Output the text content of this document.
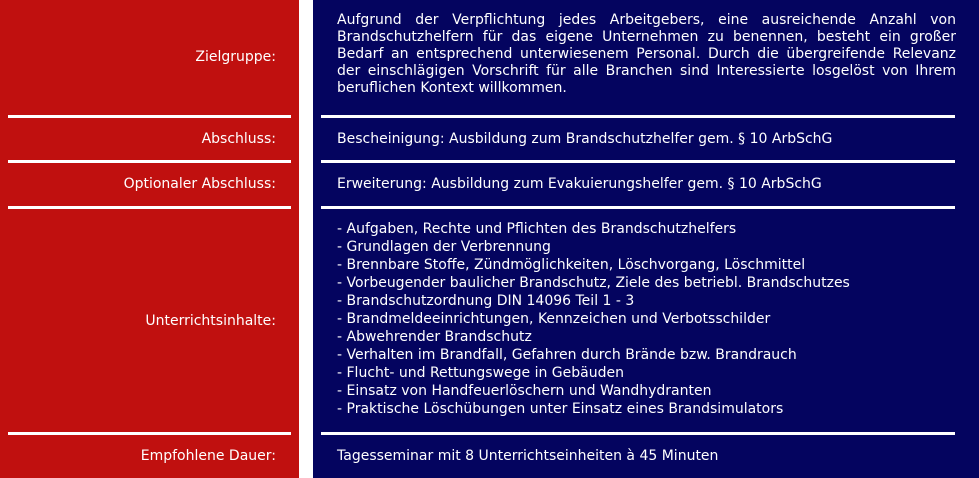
Zielgruppe:
Aufgrund der Verpflichtung jedes Arbeitgebers, eine ausreichende Anzahl von Brandschutzhelfern für das eigene Unternehmen zu benennen, besteht ein großer Bedarf an entsprechend unterwiesenem Personal. Durch die übergreifende Relevanz der einschlägigen Vorschrift für alle Branchen sind Interessierte losgelöst von Ihrem beruflichen Kontext willkommen.
Abschluss:	Bescheinigung: Ausbildung zum Brandschutzhelfer gem. § 10 ArbSchG
Optionaler Abschluss:	Erweiterung: Ausbildung zum Evakuierungshelfer gem. § 10 ArbSchG
Unterrichtsinhalte:
- Aufgaben, Rechte und Pflichten des Brandschutzhelfers
- Grundlagen der Verbrennung
- Brennbare Stoffe, Zündmöglichkeiten, Löschvorgang, Löschmittel
- Vorbeugender baulicher Brandschutz, Ziele des betriebl. Brandschutzes
- Brandschutzordnung DIN 14096 Teil 1 - 3
- Brandmeldeeinrichtungen, Kennzeichen und Verbotsschilder
- Abwehrender Brandschutz
- Verhalten im Brandfall, Gefahren durch Brände bzw. Brandrauch
- Flucht- und Rettungswege in Gebäuden
- Einsatz von Handfeuerlöschern und Wandhydranten
- Praktische Löschübungen unter Einsatz eines Brandsimulators
Empfohlene Dauer:	Tagesseminar mit 8 Unterrichtseinheiten à 45 Minuten
